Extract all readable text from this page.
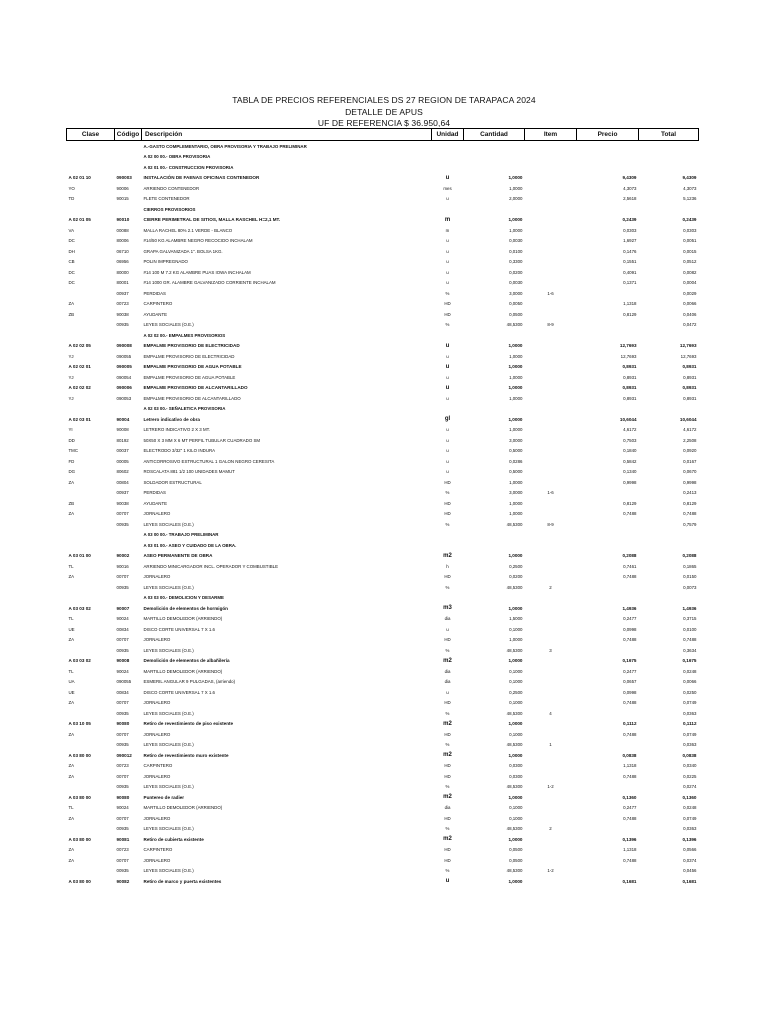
TABLA DE PRECIOS REFERENCIALES DS 27 REGION DE TARAPACA 2024
DETALLE DE APUS
UF DE REFERENCIA $ 36.950,64
Clase	Código	Descripción	Unidad	Cantidad	Item	Precio	Total
		A.-GASTO COMPLEMENTARIO, OBRA PROVISORIA Y TRABAJO PRELIMINAR					
		A 02 00 00.- OBRA PROVISORIA					
		A 02 01 00.- CONSTRUCCION PROVISORIA					
A 02 01 10	090003	INSTALACIÓN DE FAENAS OFICINAS CONTENEDOR	u	1,0000		9,4309	9,4309
YO	90006	ARRIENDO CONTENEDOR	mes	1,0000		4,3073	4,3073
TD	90015	FLETE CONTENEDOR	u	2,0000		2,5618	5,1236
		CIERROS PROVISORIOS					
A 02 01 05	90010	CIERRE PERIMETRAL DE SITIOS, MALLA RASCHEL H=2,1 MT.	m	1,0000		0,2439	0,2439
VA	00088	MALLA RACHEL 80% 2.1 VERDE - BLANCO	m	1,0000		0,0303	0,0303
DC	80006	#14/50 KG ALAMBRE NEGRO RECOCIDO INCHALAM	u	0,0030		1,6927	0,0051
DH	06710	GRAPA GALVANIZADA 1". BOLSA 1KG.	u	0,0100		0,1476	0,0015
CB	06956	POLIN IMPREGNADO	u	0,3300		0,1551	0,0512
DC	80000	#14 100 M 7.2 KG ALAMBRE PUAS IOWA INCHALAM	u	0,0200		0,4091	0,0082
DC	80001	#14 1000 GR. ALAMBRE GALVANIZADO CORRIENTE INCHALAM	u	0,0030		0,1371	0,0004
	00937	PERDIDAS	%	3,0000	1-6		0,0029
ZA	00723	CARPINTERO	HD	0,0050		1,1318	0,0066
ZB	90038	AYUDANTE	HD	0,0500		0,8129	0,0406
	00935	LEYES SOCIALES (O.E.)	%	48,5300	8-9		0,0472
		A 02 02 00.- EMPALMES PROVISORIOS					
A 02 02 05	090008	EMPALME PROVISORIO DE ELECTRICIDAD	u	1,0000		12,7693	12,7693
YJ	090055	EMPALME PROVISORIO DE ELECTRICIDAD	u	1,0000		12,7693	12,7693
A 02 02 01	090005	EMPALME PROVISORIO DE AGUA POTABLE	u	1,0000		0,8931	0,8931
YJ	090054	EMPALME PROVISORIO DE AGUA POTABLE	u	1,0000		0,8931	0,8931
A 02 02 02	090006	EMPALME PROVISORIO DE ALCANTARILLADO	u	1,0000		0,8931	0,8931
YJ	090053	EMPALME PROVISORIO DE ALCANTARILLADO	u	1,0000		0,8931	0,8931
		A 02 03 00.- SEÑALETICA PROVISORIA					
A 02 03 01	90004	Letrero indicativo de obra	gl	1,0000		10,6044	10,6044
YI	90008	LETRERO INDICATIVO 2 X 3 MT.	u	1,0000		4,6172	4,6172
DD	80192	50X50 X 3 MM X 6 MT PERFIL TUBULAR CUADRADO SM	u	3,0000		0,7503	2,2508
TMC	00037	ELECTRODO 3/32" 1 KILO INDURA	u	0,5000		0,1840	0,0920
FD	00005	ANTICORROSIVO ESTRUCTURAL 1 GALON NEGRO CERESITA	u	0,0286		0,5842	0,0167
DG	80602	ROSCALATA 881 1/2 100 UNIDADES MAMUT	u	0,5000		0,1340	0,0670
ZA	00804	SOLDADOR ESTRUCTURAL	HD	1,0000		0,9998	0,9998
	00937	PERDIDAS	%	3,0000	1-6		0,2413
ZB	90038	AYUDANTE	HD	1,0000		0,8129	0,8129
ZA	00707	JORNALERO	HD	1,0000		0,7488	0,7488
	00935	LEYES SOCIALES (O.E.)	%	48,5300	8-9		0,7579
		A 03 00 00.- TRABAJO PRELIMINAR					
		A 03 01 00.- ASEO Y CUIDADO DE LA OBRA.					
A 03 01 00	90002	ASEO PERMANENTE DE OBRA	m2	1,0000		0,2088	0,2088
TL	90016	ARRIENDO MINICARGADOR INCL. OPERADOR Y COMBUSTIBLE	h	0,2500		0,7461	0,1865
ZA	00707	JORNALERO	HD	0,0200		0,7488	0,0150
	00935	LEYES SOCIALES (O.E.)	%	48,5300	2		0,0073
		A 03 03 00.- DEMOLICION Y DESARME					
A 03 03 02	90007	Demolición de elementos de hormigón	m3	1,0000		1,4936	1,4936
TL	90024	MARTILLO DEMOLEDOR (ARRIENDO)	dia	1,5000		0,2477	0,3715
UE	00834	DISCO CORTE UNIVERSAL 7 X 1.6	u	0,1000		0,0998	0,0100
ZA	00707	JORNALERO	HD	1,0000		0,7488	0,7488
	00935	LEYES SOCIALES (O.E.)	%	48,5300	3		0,3634
A 03 03 02	90008	Demolición de elementos de albañilería	m2	1,0000		0,1675	0,1675
TL	90024	MARTILLO DEMOLEDOR (ARRIENDO)	dia	0,1000		0,2477	0,0248
UA	090055	ESMERIL ANGULAR 9 PULGADAS, (arriendo)	dia	0,1000		0,0657	0,0066
UE	00834	DISCO CORTE UNIVERSAL 7 X 1.6	u	0,2500		0,0998	0,0250
ZA	00707	JORNALERO	HD	0,1000		0,7488	0,0749
	00935	LEYES SOCIALES (O.E.)	%	48,5300	4		0,0363
A 03 10 05	90080	Retiro de revestimiento de piso existente	m2	1,0000		0,1112	0,1112
ZA	00707	JORNALERO	HD	0,1000		0,7488	0,0749
	00935	LEYES SOCIALES (O.E.)	%	48,5300	1		0,0363
A 03 80 00	090012	Retiro de revestimiento muro existente	m2	1,0000		0,0838	0,0838
ZA	00723	CARPINTERO	HD	0,0300		1,1318	0,0340
ZA	00707	JORNALERO	HD	0,0300		0,7488	0,0225
	00935	LEYES SOCIALES (O.E.)	%	48,5300	1-2		0,0274
A 03 80 00	90080	Puntereo de radier	m2	1,0000		0,1360	0,1360
TL	90024	MARTILLO DEMOLEDOR (ARRIENDO)	dia	0,1000		0,2477	0,0248
ZA	00707	JORNALERO	HD	0,1000		0,7488	0,0749
	00935	LEYES SOCIALES (O.E.)	%	48,5300	2		0,0363
A 03 80 00	90081	Retiro de cubierta existente	m2	1,0000		0,1396	0,1396
ZA	00723	CARPINTERO	HD	0,0500		1,1318	0,0566
ZA	00707	JORNALERO	HD	0,0500		0,7488	0,0374
	00935	LEYES SOCIALES (O.E.)	%	48,5300	1-2		0,0456
A 03 80 00	90082	Retiro de marco y puerta existentes	u	1,0000		0,1681	0,1681
